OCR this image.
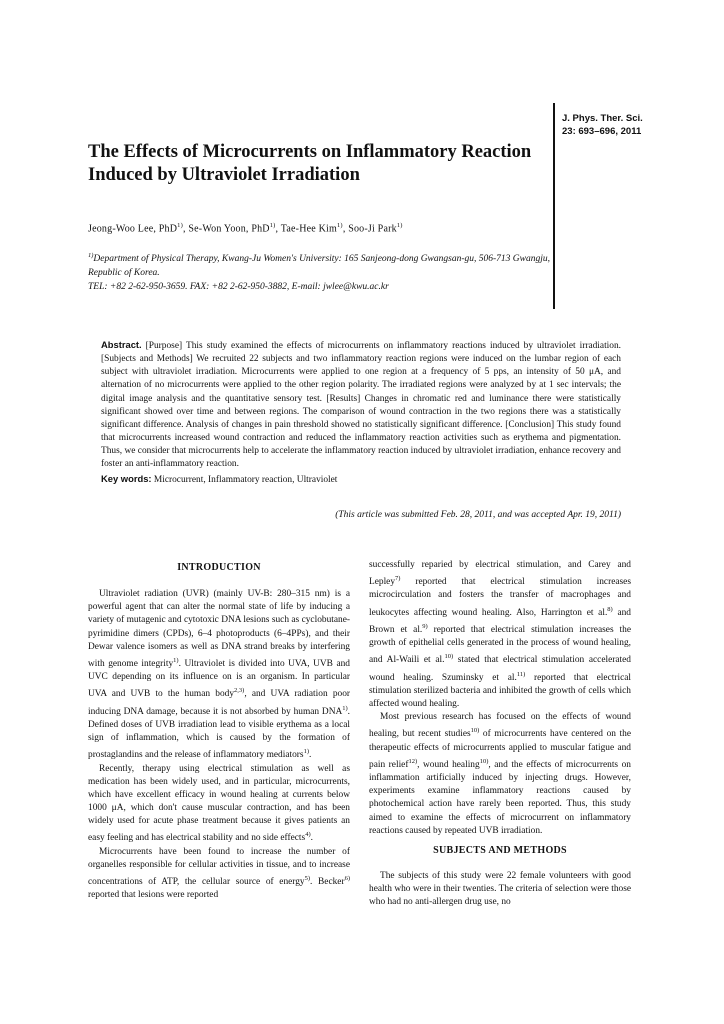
J. Phys. Ther. Sci.
23: 693–696, 2011
The Effects of Microcurrents on Inflammatory Reaction Induced by Ultraviolet Irradiation
Jeong-Woo Lee, PhD$^{1)}$, Se-Won Yoon, PhD$^{1)}$, Tae-Hee Kim$^{1)}$, Soo-Ji Park$^{1)}$
$^{1)}$Department of Physical Therapy, Kwang-Ju Women's University: 165 Sanjeong-dong Gwangsan-gu, 506-713 Gwangju, Republic of Korea.
TEL: +82 2-62-950-3659. FAX: +82 2-62-950-3882, E-mail: jwlee@kwu.ac.kr
Abstract. [Purpose] This study examined the effects of microcurrents on inflammatory reactions induced by ultraviolet irradiation. [Subjects and Methods] We recruited 22 subjects and two inflammatory reaction regions were induced on the lumbar region of each subject with ultraviolet irradiation. Microcurrents were applied to one region at a frequency of 5 pps, an intensity of 50 μA, and alternation of no microcurrents were applied to the other region polarity. The irradiated regions were analyzed by at 1 sec intervals; the digital image analysis and the quantitative sensory test. [Results] Changes in chromatic red and luminance there were statistically significant showed over time and between regions. The comparison of wound contraction in the two regions there was a statistically significant difference. Analysis of changes in pain threshold showed no statistically significant difference. [Conclusion] This study found that microcurrents increased wound contraction and reduced the inflammatory reaction activities such as erythema and pigmentation. Thus, we consider that microcurrents help to accelerate the inflammatory reaction induced by ultraviolet irradiation, enhance recovery and foster an anti-inflammatory reaction.
Key words: Microcurrent, Inflammatory reaction, Ultraviolet
(This article was submitted Feb. 28, 2011, and was accepted Apr. 19, 2011)
INTRODUCTION

Ultraviolet radiation (UVR) (mainly UV-B: 280–315 nm) is a powerful agent that can alter the normal state of life by inducing a variety of mutagenic and cytotoxic DNA lesions such as cyclobutane-pyrimidine dimers (CPDs), 6–4 photoproducts (6–4PPs), and their Dewar valence isomers as well as DNA strand breaks by interfering with genome integrity$^{1)}$. Ultraviolet is divided into UVA, UVB and UVC depending on its influence on is an organism. In particular UVA and UVB to the human body$^{2,3)}$, and UVA radiation poor inducing DNA damage, because it is not absorbed by human DNA$^{1)}$. Defined doses of UVB irradiation lead to visible erythema as a local sign of inflammation, which is caused by the formation of prostaglandins and the release of inflammatory mediators$^{1)}$.

Recently, therapy using electrical stimulation as well as medication has been widely used, and in particular, microcurrents, which have excellent efficacy in wound healing at currents below 1000 μA, which don't cause muscular contraction, and has been widely used for acute phase treatment because it gives patients an easy feeling and has electrical stability and no side effects$^{4)}$.

Microcurrents have been found to increase the number of organelles responsible for cellular activities in tissue, and to increase concentrations of ATP, the cellular source of energy$^{5)}$. Becker$^{6)}$ reported that lesions were reported

successfully reparied by electrical stimulation, and Carey and Lepley$^{7)}$ reported that electrical stimulation increases microcirculation and fosters the transfer of macrophages and leukocytes affecting wound healing. Also, Harrington et al.$^{8)}$ and Brown et al.$^{9)}$ reported that electrical stimulation increases the growth of epithelial cells generated in the process of wound healing, and Al-Waili et al.$^{10)}$ stated that electrical stimulation accelerated wound healing. Szuminsky et al.$^{11)}$ reported that electrical stimulation sterilized bacteria and inhibited the growth of cells which affected wound healing.

Most previous research has focused on the effects of wound healing, but recent studies$^{10)}$ of microcurrents have centered on the therapeutic effects of microcurrents applied to muscular fatigue and pain relief$^{12)}$, wound healing$^{10)}$, and the effects of microcurrents on inflammation artificially induced by injecting drugs. However, experiments examine inflammatory reactions caused by photochemical action have rarely been reported. Thus, this study aimed to examine the effects of microcurrent on inflammatory reactions caused by repeated UVB irradiation.

SUBJECTS AND METHODS

The subjects of this study were 22 female volunteers with good health who were in their twenties. The criteria of selection were those who had no anti-allergen drug use, no
